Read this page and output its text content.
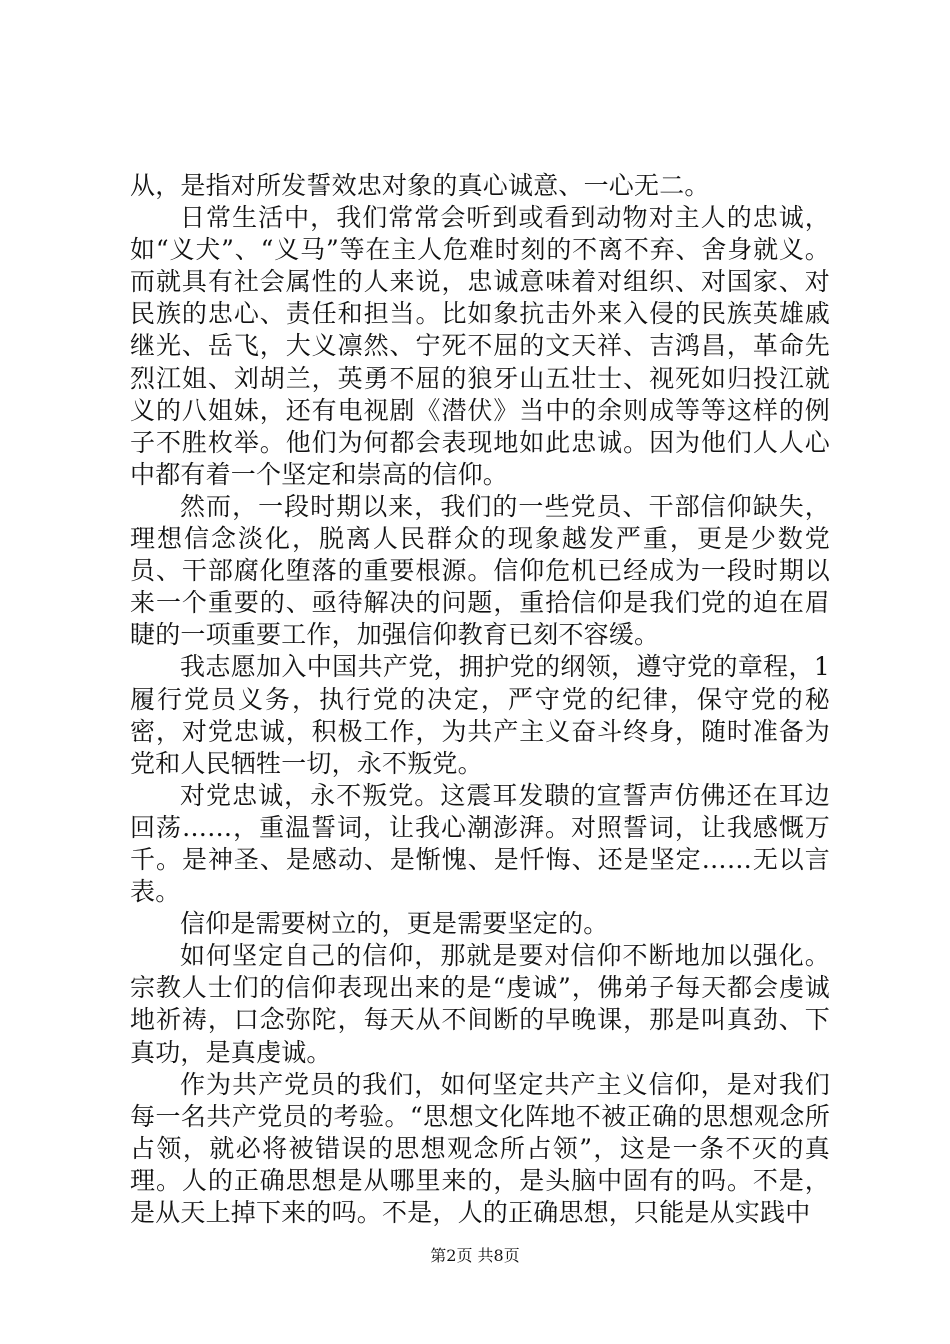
从，是指对所发誓效忠对象的真心诚意、一心无二。

日常生活中，我们常常会听到或看到动物对主人的忠诚，如“义犬”、“义马”等在主人危难时刻的不离不弃、舍身就义。而就具有社会属性的人来说，忠诚意味着对组织、对国家、对民族的忠心、责任和担当。比如象抗击外来入侵的民族英雄戚继光、岳飞，大义凛然、宁死不屈的文天祥、吉鸿昌，革命先烈江姐、刘胡兰，英勇不屈的狼牙山五壮士、视死如归投江就义的八姐妹，还有电视剧《潜伏》当中的余则成等等这样的例子不胜枚举。他们为何都会表现地如此忠诚。因为他们人人心中都有着一个坚定和崇高的信仰。

然而，一段时期以来，我们的一些党员、干部信仰缺失，理想信念淡化，脱离人民群众的现象越发严重，更是少数党员、干部腐化堕落的重要根源。信仰危机已经成为一段时期以来一个重要的、亟待解决的问题，重拾信仰是我们党的迫在眉睫的一项重要工作，加强信仰教育已刻不容缓。

我志愿加入中国共产党，拥护党的纲领，遵守党的章程，1履行党员义务，执行党的决定，严守党的纪律，保守党的秘密，对党忠诚，积极工作，为共产主义奋斗终身，随时准备为党和人民牺牲一切，永不叛党。

对党忠诚，永不叛党。这震耳发聩的宣誓声仿佛还在耳边回荡……，重温誓词，让我心潮澎湃。对照誓词，让我感慨万千。是神圣、是感动、是惭愧、是忏悔、还是坚定……无以言表。

信仰是需要树立的，更是需要坚定的。

如何坚定自己的信仰，那就是要对信仰不断地加以强化。宗教人士们的信仰表现出来的是“虔诚”，佛弟子每天都会虔诚地祈祷，口念弥陀，每天从不间断的早晚课，那是叫真劲、下真功，是真虔诚。

作为共产党员的我们，如何坚定共产主义信仰，是对我们每一名共产党员的考验。“思想文化阵地不被正确的思想观念所占领，就必将被错误的思想观念所占领”，这是一条不灭的真理。人的正确思想是从哪里来的，是头脑中固有的吗。不是，是从天上掉下来的吗。不是，人的正确思想，只能是从实践中

第2页 共8页
